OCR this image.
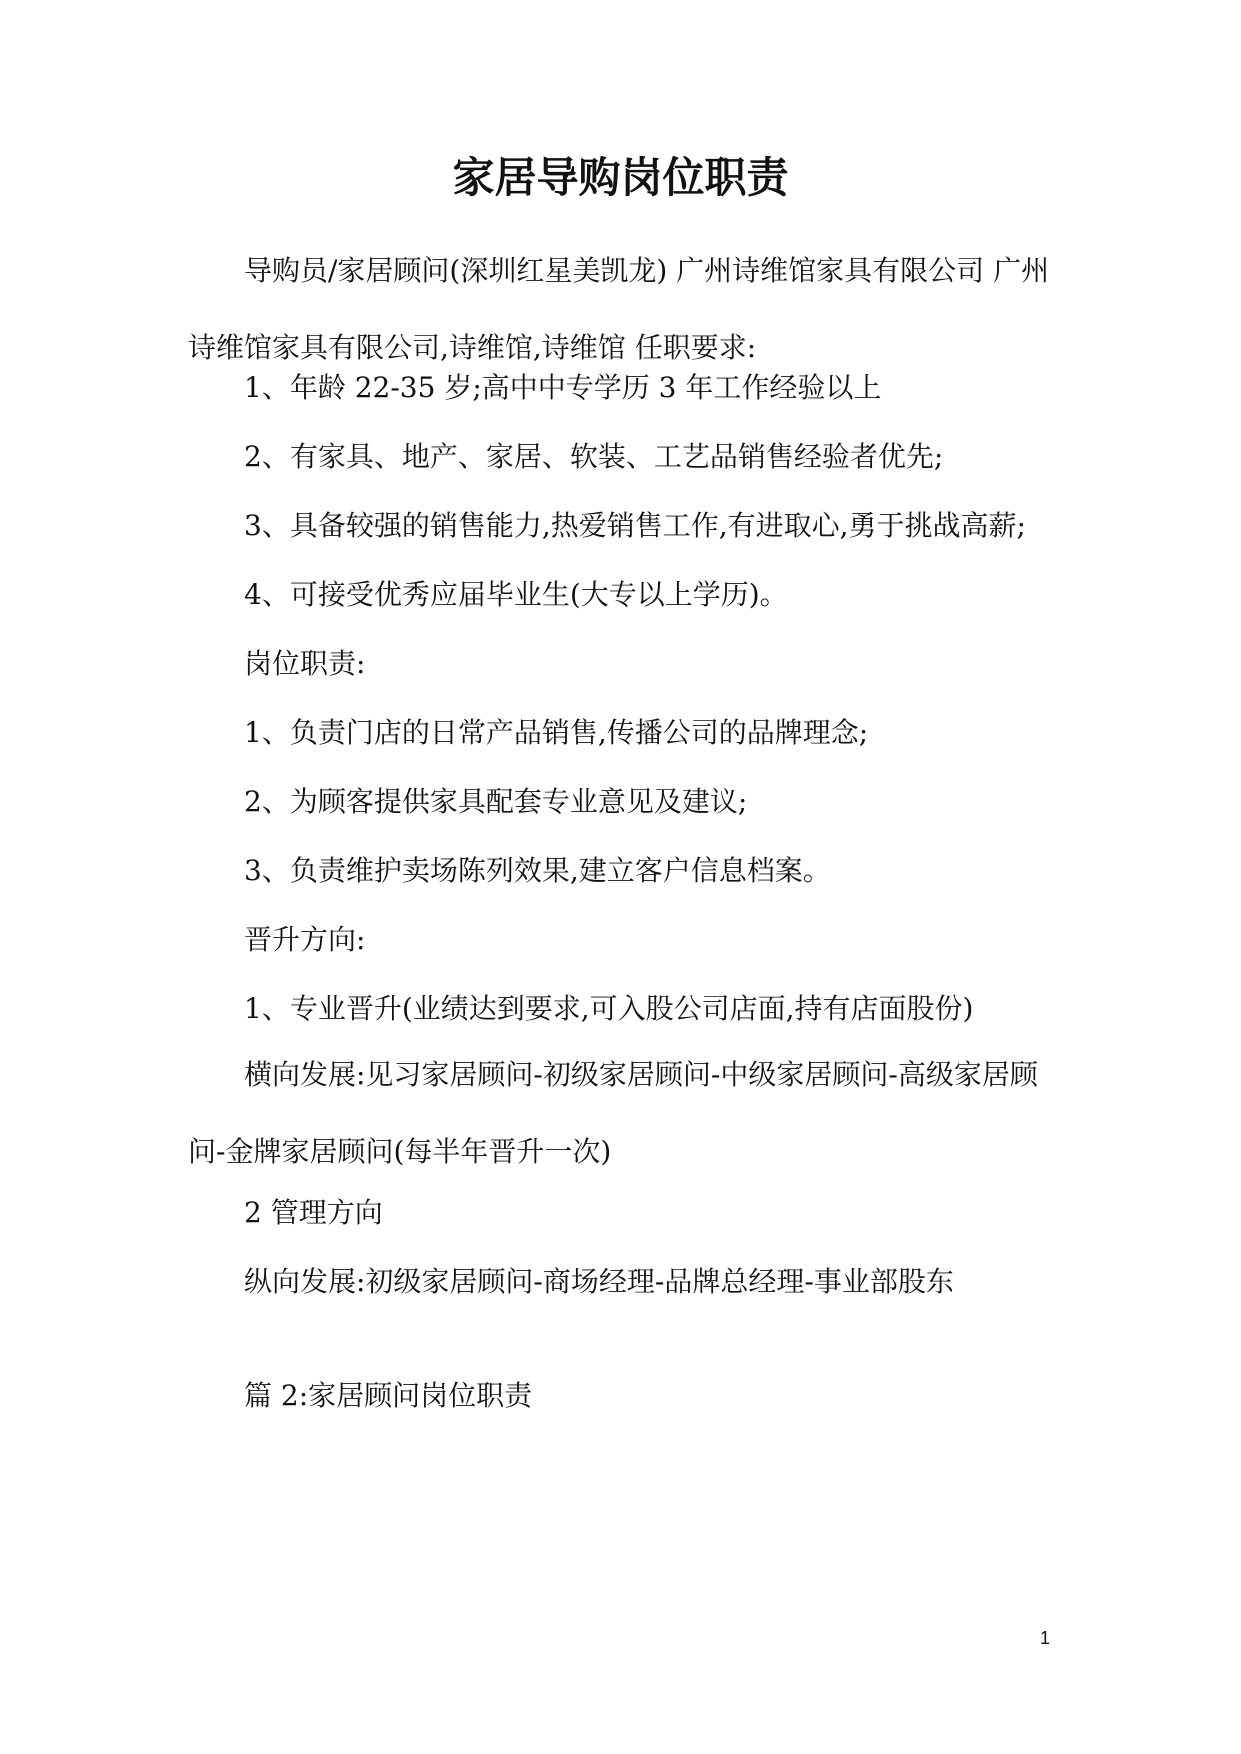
家居导购岗位职责

导购员/家居顾问(深圳红星美凯龙) 广州诗维馆家具有限公司 广州诗维馆家具有限公司,诗维馆,诗维馆 任职要求:

1、年龄 22-35 岁;高中中专学历 3 年工作经验以上

2、有家具、地产、家居、软装、工艺品销售经验者优先;

3、具备较强的销售能力,热爱销售工作,有进取心,勇于挑战高薪;

4、可接受优秀应届毕业生(大专以上学历)。

岗位职责:

1、负责门店的日常产品销售,传播公司的品牌理念;

2、为顾客提供家具配套专业意见及建议;

3、负责维护卖场陈列效果,建立客户信息档案。

晋升方向:

1、专业晋升(业绩达到要求,可入股公司店面,持有店面股份)

横向发展:见习家居顾问-初级家居顾问-中级家居顾问-高级家居顾问-金牌家居顾问(每半年晋升一次)

2 管理方向

纵向发展:初级家居顾问-商场经理-品牌总经理-事业部股东

篇 2:家居顾问岗位职责

1
